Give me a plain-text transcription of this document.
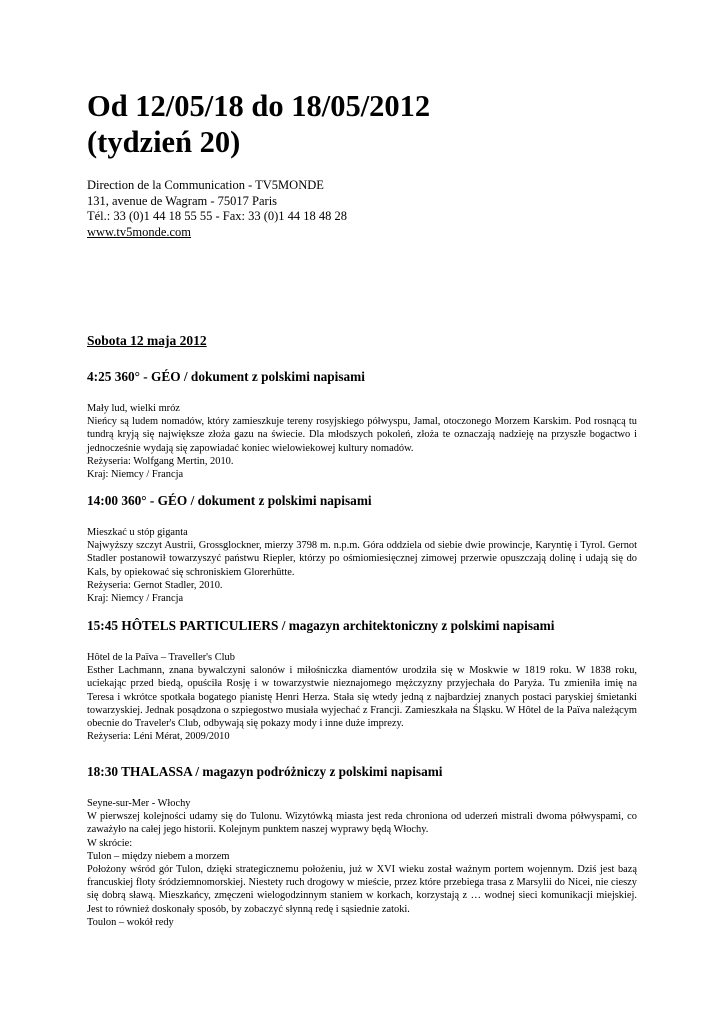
Od 12/05/18 do 18/05/2012
(tydzień 20)
Direction de la Communication - TV5MONDE
131, avenue de Wagram - 75017 Paris
Tél.: 33 (0)1 44 18 55 55 - Fax: 33 (0)1 44 18 48 28
www.tv5monde.com
Sobota 12 maja 2012
4:25 360° - GÉO / dokument z polskimi napisami

Mały lud, wielki mróz

Nieńcy są ludem nomadów, który zamieszkuje tereny rosyjskiego półwyspu, Jamal, otoczonego Morzem Karskim. Pod rosnącą tu tundrą kryją się największe złoża gazu na świecie. Dla młodszych pokoleń, złoża te oznaczają nadzieję na przyszłe bogactwo i jednocześnie wydają się zapowiadać koniec wielowiekowej kultury nomadów.

Reżyseria: Wolfgang Mertin, 2010.

Kraj: Niemcy / Francja

14:00 360° - GÉO / dokument z polskimi napisami

Mieszkać u stóp giganta

Najwyższy szczyt Austrii, Grossglockner, mierzy 3798 m. n.p.m. Góra oddziela od siebie dwie prowincje, Karyntię i Tyrol. Gernot Stadler postanowił towarzyszyć państwu Riepler, którzy po ośmiomiesięcznej zimowej przerwie opuszczają dolinę i udają się do Kals, by opiekować się schroniskiem Glorerhütte.

Reżyseria: Gernot Stadler, 2010.

Kraj: Niemcy / Francja

15:45 HÔTELS PARTICULIERS / magazyn architektoniczny z polskimi napisami

Hôtel de la Païva – Traveller's Club

Esther Lachmann, znana bywalczyni salonów i miłośniczka diamentów urodziła się w Moskwie w 1819 roku. W 1838 roku, uciekając przed biedą, opuściła Rosję i w towarzystwie nieznajomego mężczyzny przyjechała do Paryża. Tu zmieniła imię na Teresa i wkrótce spotkała bogatego pianistę Henri Herza. Stała się wtedy jedną z najbardziej znanych postaci paryskiej śmietanki towarzyskiej. Jednak posądzona o szpiegostwo musiała wyjechać z Francji. Zamieszkała na Śląsku. W Hôtel de la Païva należącym obecnie do Traveler's Club, odbywają się pokazy mody i inne duże imprezy.

Reżyseria: Léni Mérat, 2009/2010

18:30 THALASSA / magazyn podróżniczy z polskimi napisami

Seyne-sur-Mer - Włochy

W pierwszej kolejności udamy się do Tulonu. Wizytówką miasta jest reda chroniona od uderzeń mistrali dwoma półwyspami, co zaważyło na całej jego historii. Kolejnym punktem naszej wyprawy będą Włochy.

W skrócie:

Tulon – między niebem a morzem

Położony wśród gór Tulon, dzięki strategicznemu położeniu, już w XVI wieku został ważnym portem wojennym. Dziś jest bazą francuskiej floty śródziemnomorskiej. Niestety ruch drogowy w mieście, przez które przebiega trasa z Marsylii do Nicei, nie cieszy się dobrą sławą. Mieszkańcy, zmęczeni wielogodzinnym staniem w korkach, korzystają z … wodnej sieci komunikacji miejskiej. Jest to również doskonały sposób, by zobaczyć słynną redę i sąsiednie zatoki.

Toulon – wokół redy
